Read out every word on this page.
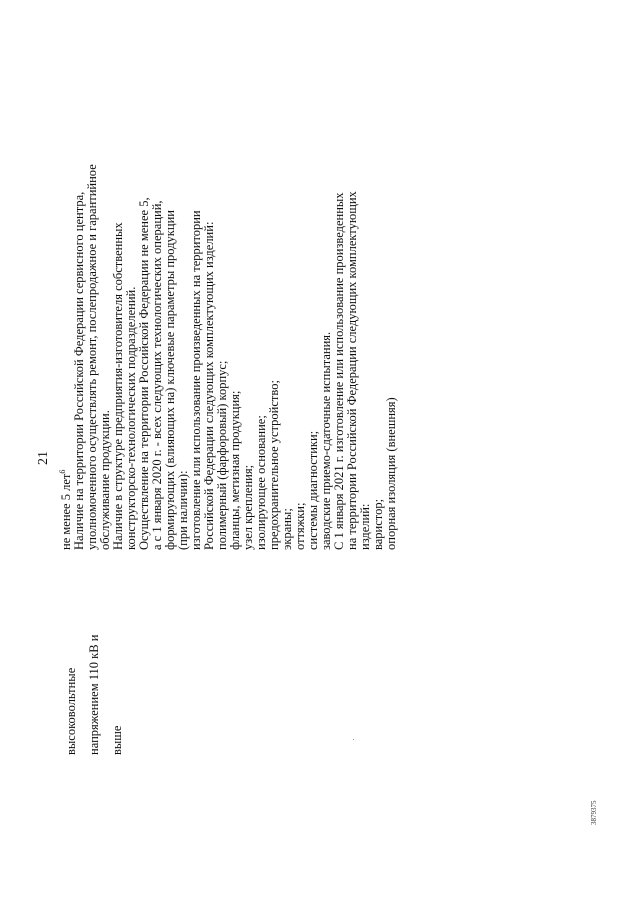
21
высоковольтные напряжением 110 кВ и выше
не менее 5 лет$^6$ Наличие на территории Российской Федерации сервисного центра, уполномоченного осуществлять ремонт, послепродажное и гарантийное обслуживание продукции. Наличие в структуре предприятия-изготовителя собственных конструкторско-технологических подразделений. Осуществление на территории Российской Федерации не менее 5, а с 1 января 2020 г. - всех следующих технологических операций, формирующих (влияющих на) ключевые параметры продукции (при наличии): изготовление или использование произведенных на территории Российской Федерации следующих комплектующих изделий: полимерный (фарфоровый) корпус; фланцы, метизная продукция; узел крепления; изолирующее основание; предохранительное устройство; экраны; оттяжки; системы диагностики; заводские приемо-сдаточные испытания. С 1 января 2021 г. изготовление или использование произведенных на территории Российской Федерации следующих комплектующих изделий: варистор; опорная изоляция (внешняя)
3879375
